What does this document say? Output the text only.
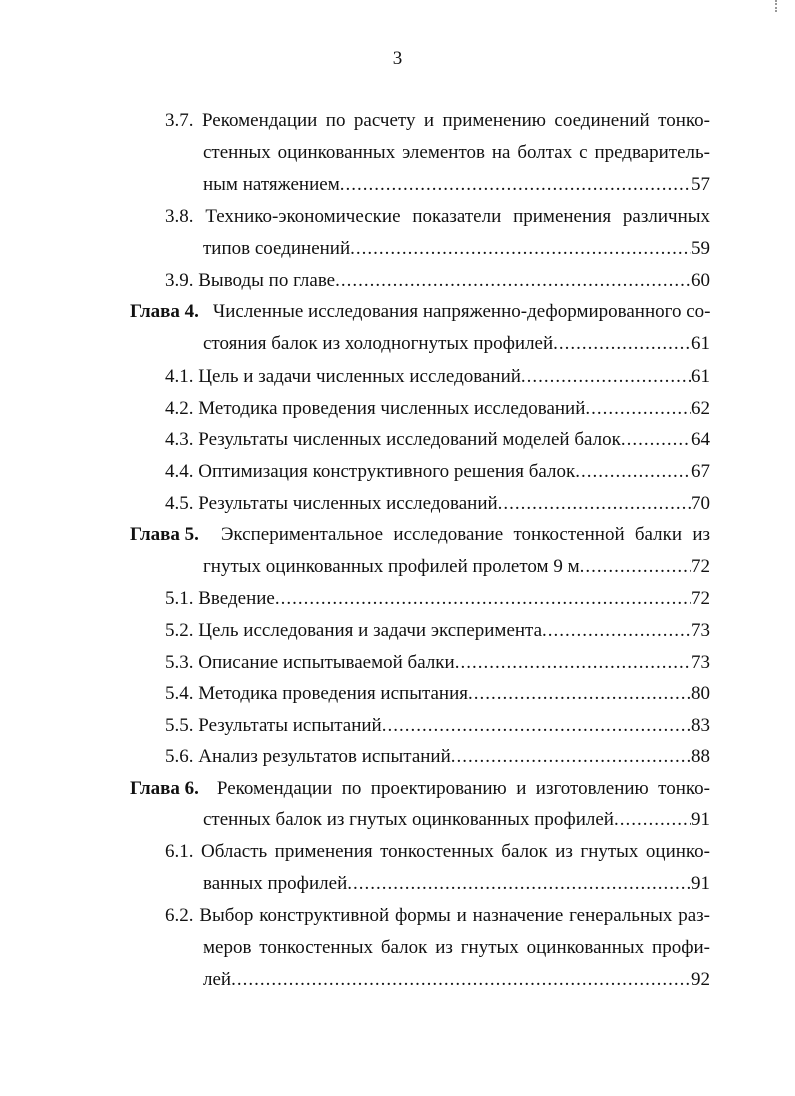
3
3.7. Рекомендации по расчету и применению соединений тонко-
стенных оцинкованных элементов на болтах с предваритель-
ным натяжением .....	57
3.8. Технико-экономические показатели применения различных
типов соединений .....	59
3.9. Выводы по главе .....	60
Глава 4. Численные исследования напряженно-деформированного со-
стояния балок из холодногнутых профилей .....	61
4.1. Цель и задачи численных исследований .....	61
4.2. Методика проведения численных исследований .....	62
4.3. Результаты численных исследований моделей балок .....	64
4.4. Оптимизация конструктивного решения балок .....	67
4.5. Результаты численных исследований .....	70
Глава 5. Экспериментальное исследование тонкостенной балки из
гнутых оцинкованных профилей пролетом 9 м .....	72
5.1. Введение .....	72
5.2. Цель исследования и задачи эксперимента .....	73
5.3. Описание испытываемой балки .....	73
5.4. Методика проведения испытания .....	80
5.5. Результаты испытаний .....	83
5.6. Анализ результатов испытаний .....	88
Глава 6. Рекомендации по проектированию и изготовлению тонко-
стенных балок из гнутых оцинкованных профилей .....	91
6.1. Область применения тонкостенных балок из гнутых оцинко-
ванных профилей .....	91
6.2. Выбор конструктивной формы и назначение генеральных раз-
меров тонкостенных балок из гнутых оцинкованных профи-
лей .....	92
